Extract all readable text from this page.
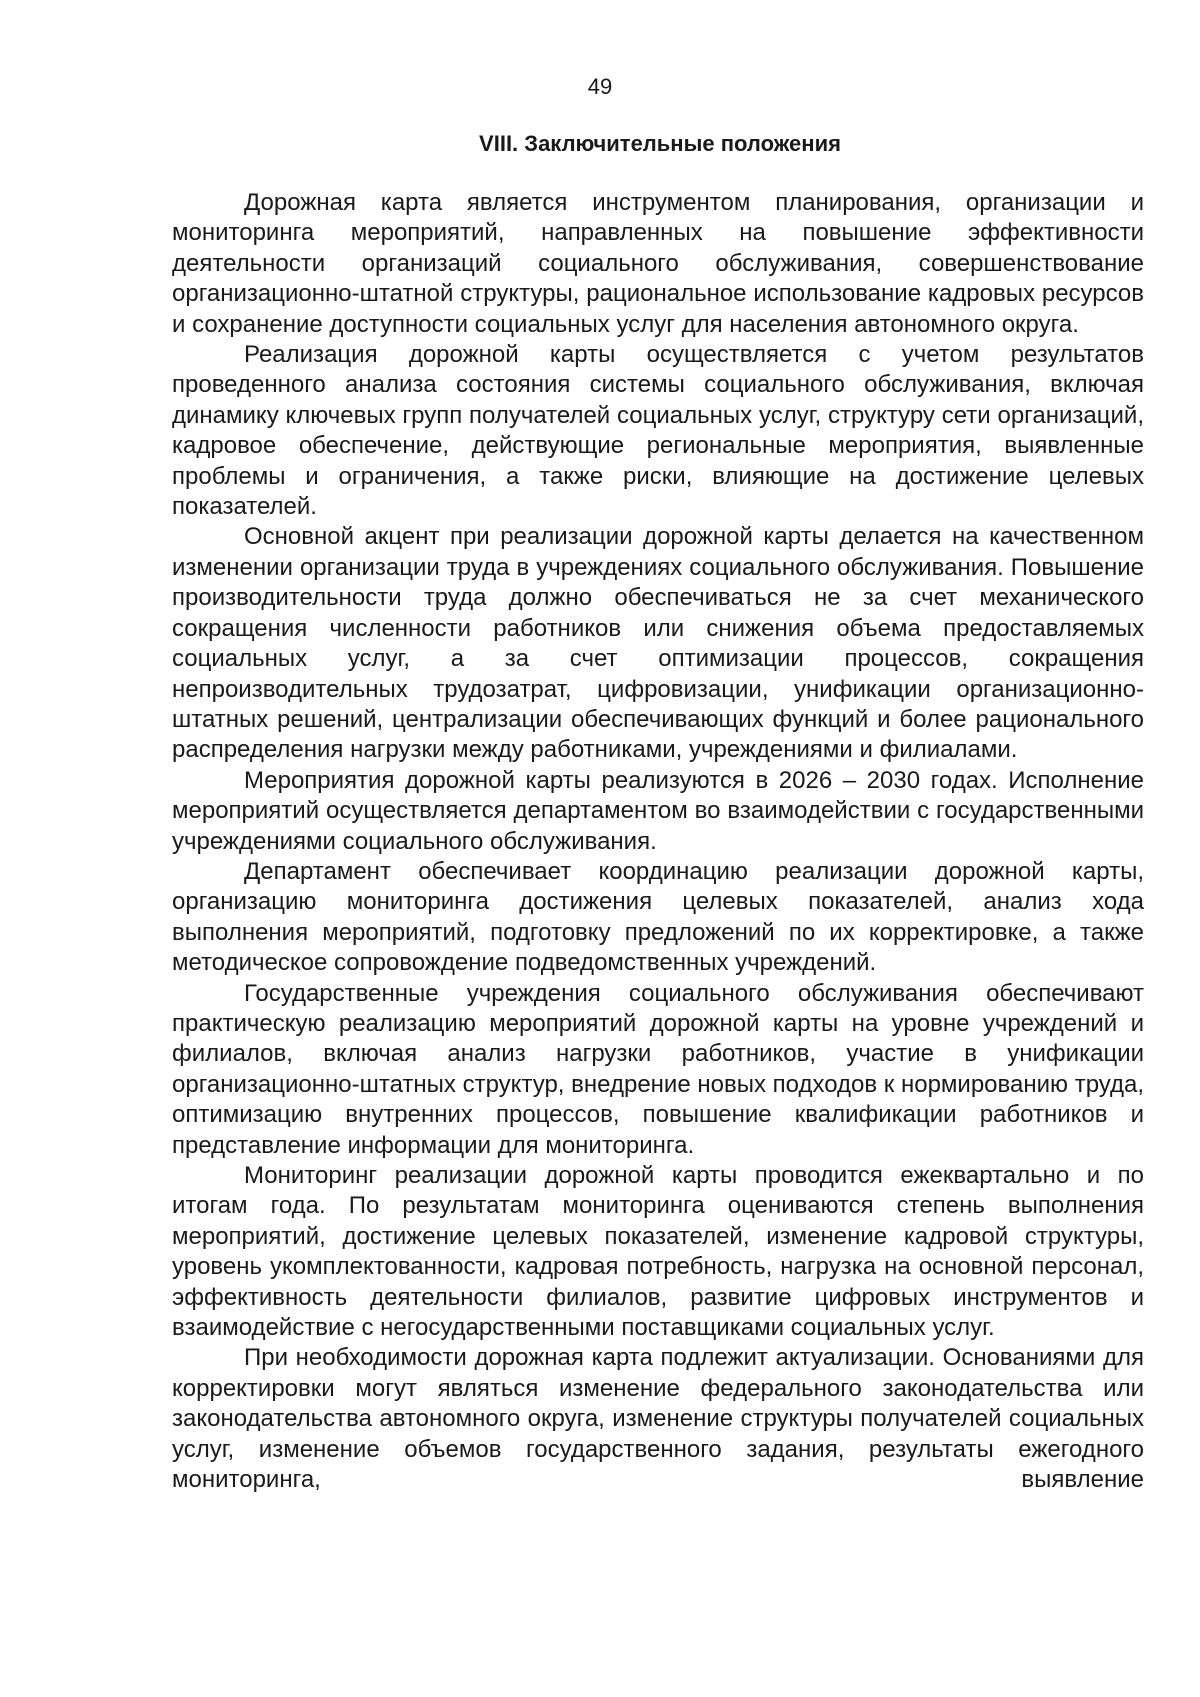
49
VIII. Заключительные положения

Дорожная карта является инструментом планирования, организации и мониторинга мероприятий, направленных на повышение эффективности деятельности организаций социального обслуживания, совершенствование организационно-штатной структуры, рациональное использование кадровых ресурсов и сохранение доступности социальных услуг для населения автономного округа.

Реализация дорожной карты осуществляется с учетом результатов проведенного анализа состояния системы социального обслуживания, включая динамику ключевых групп получателей социальных услуг, структуру сети организаций, кадровое обеспечение, действующие региональные мероприятия, выявленные проблемы и ограничения, а также риски, влияющие на достижение целевых показателей.

Основной акцент при реализации дорожной карты делается на качественном изменении организации труда в учреждениях социального обслуживания. Повышение производительности труда должно обеспечиваться не за счет механического сокращения численности работников или снижения объема предоставляемых социальных услуг, а за счет оптимизации процессов, сокращения непроизводительных трудозатрат, цифровизации, унификации организационно-штатных решений, централизации обеспечивающих функций и более рационального распределения нагрузки между работниками, учреждениями и филиалами.

Мероприятия дорожной карты реализуются в 2026 – 2030 годах. Исполнение мероприятий осуществляется департаментом во взаимодействии с государственными учреждениями социального обслуживания.

Департамент обеспечивает координацию реализации дорожной карты, организацию мониторинга достижения целевых показателей, анализ хода выполнения мероприятий, подготовку предложений по их корректировке, а также методическое сопровождение подведомственных учреждений.

Государственные учреждения социального обслуживания обеспечивают практическую реализацию мероприятий дорожной карты на уровне учреждений и филиалов, включая анализ нагрузки работников, участие в унификации организационно-штатных структур, внедрение новых подходов к нормированию труда, оптимизацию внутренних процессов, повышение квалификации работников и представление информации для мониторинга.

Мониторинг реализации дорожной карты проводится ежеквартально и по итогам года. По результатам мониторинга оцениваются степень выполнения мероприятий, достижение целевых показателей, изменение кадровой структуры, уровень укомплектованности, кадровая потребность, нагрузка на основной персонал, эффективность деятельности филиалов, развитие цифровых инструментов и взаимодействие с негосударственными поставщиками социальных услуг.

При необходимости дорожная карта подлежит актуализации. Основаниями для корректировки могут являться изменение федерального законодательства или законодательства автономного округа, изменение структуры получателей социальных услуг, изменение объемов государственного задания, результаты ежегодного мониторинга, выявление
